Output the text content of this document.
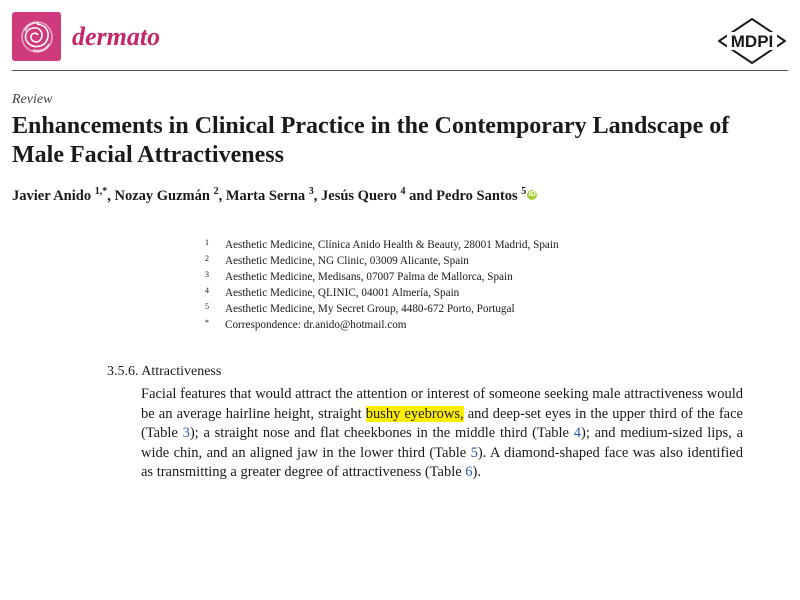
dermato	MDPI
Review
Enhancements in Clinical Practice in the Contemporary Landscape of Male Facial Attractiveness
Javier Anido $^{1,*}$, Nozay Guzmán $^2$, Marta Serna $^3$, Jesús Quero $^4$ and Pedro Santos $^5$ iD
1	Aesthetic Medicine, Clínica Anido Health & Beauty, 28001 Madrid, Spain
2	Aesthetic Medicine, NG Clinic, 03009 Alicante, Spain
3	Aesthetic Medicine, Medisans, 07007 Palma de Mallorca, Spain
4	Aesthetic Medicine, QLINIC, 04001 Almería, Spain
5	Aesthetic Medicine, My Secret Group, 4480-672 Porto, Portugal
*	Correspondence: dr.anido@hotmail.com
3.5.6. Attractiveness

Facial features that would attract the attention or interest of someone seeking male attractiveness would be an average hairline height, straight bushy eyebrows, and deep-set eyes in the upper third of the face (Table 3); a straight nose and flat cheekbones in the middle third (Table 4); and medium-sized lips, a wide chin, and an aligned jaw in the lower third (Table 5). A diamond-shaped face was also identified as transmitting a greater degree of attractiveness (Table 6).
